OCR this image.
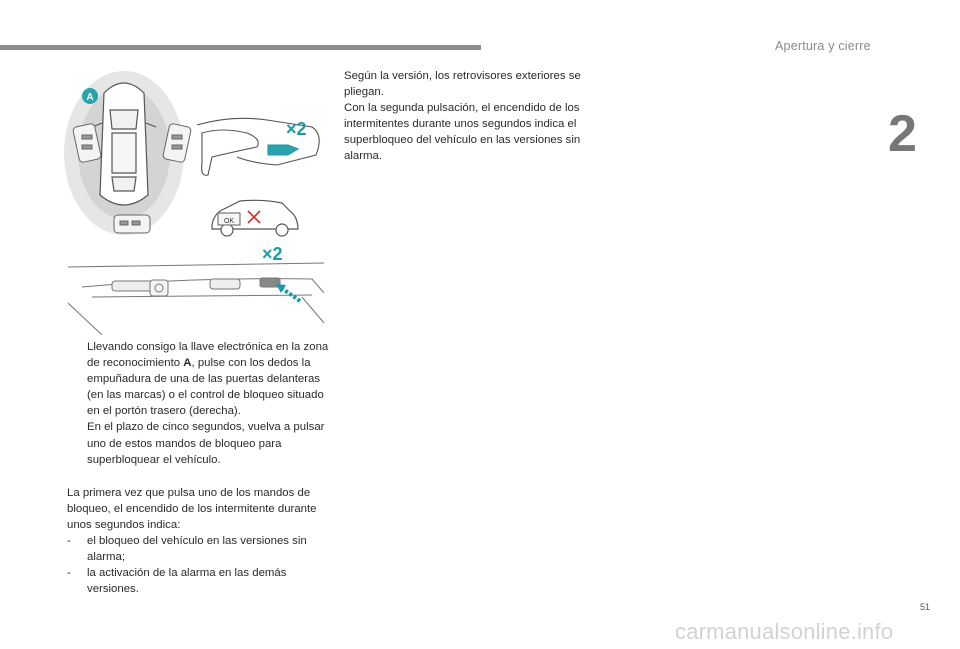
Apertura y cierre
2
A
×2
OK
×2

Llevando consigo la llave electrónica en la zona de reconocimiento A, pulse con los dedos la empuñadura de una de las puertas delanteras (en las marcas) o el control de bloqueo situado en el portón trasero (derecha).

En el plazo de cinco segundos, vuelva a pulsar uno de estos mandos de bloqueo para superbloquear el vehículo.

La primera vez que pulsa uno de los mandos de bloqueo, el encendido de los intermitente durante unos segundos indica:

- el bloqueo del vehículo en las versiones sin alarma;

- la activación de la alarma en las demás versiones.

Según la versión, los retrovisores exteriores se pliegan.

Con la segunda pulsación, el encendido de los intermitentes durante unos segundos indica el superbloqueo del vehículo en las versiones sin alarma.

51
carmanualsonline.info
